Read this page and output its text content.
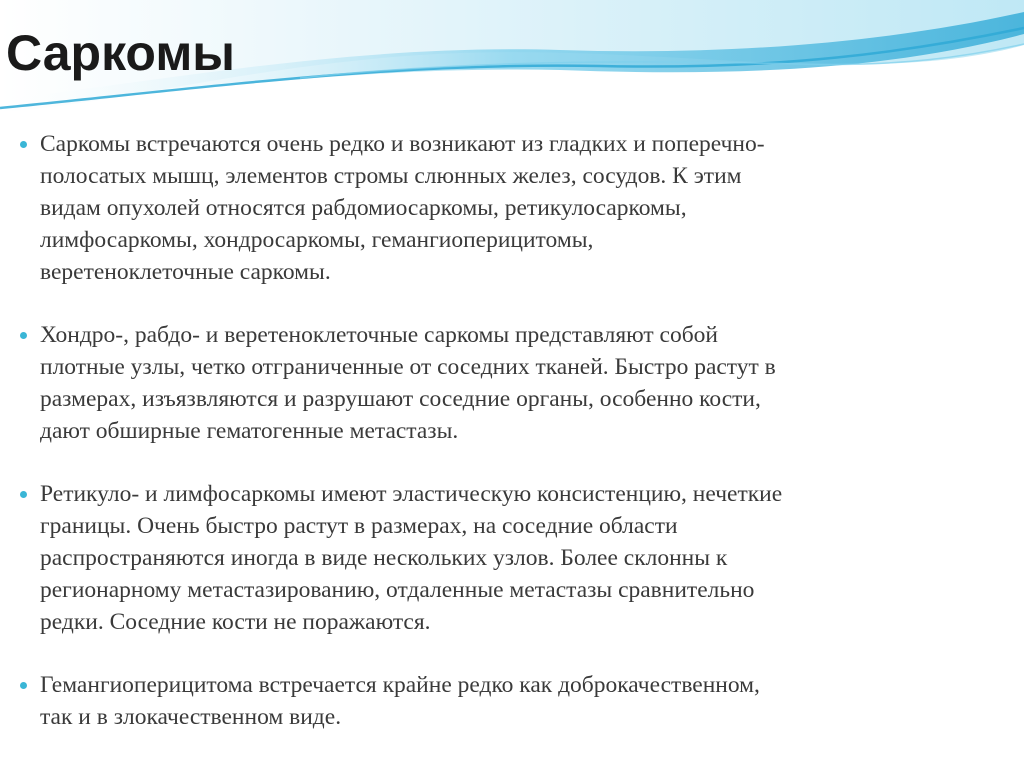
Саркомы

Саркомы встречаются очень редко и возникают из гладких и поперечно-
полосатых мышц, элементов стромы слюнных желез, сосудов. К этим
видам опухолей относятся рабдомиосаркомы, ретикулосаркомы,
лимфосаркомы, хондросаркомы, гемангиоперицитомы,
веретеноклеточные саркомы.

Хондро-, рабдо- и веретеноклеточные саркомы представляют собой
плотные узлы, четко отграниченные от соседних тканей. Быстро растут в
размерах, изъязвляются и разрушают соседние органы, особенно кости,
дают обширные гематогенные метастазы.

Ретикуло- и лимфосаркомы имеют эластическую консистенцию, нечеткие
границы. Очень быстро растут в размерах, на соседние области
распространяются иногда в виде нескольких узлов. Более склонны к
регионарному метастазированию, отдаленные метастазы сравнительно
редки. Соседние кости не поражаются.

Гемангиоперицитома встречается крайне редко как доброкачественном,
так и в злокачественном виде.
